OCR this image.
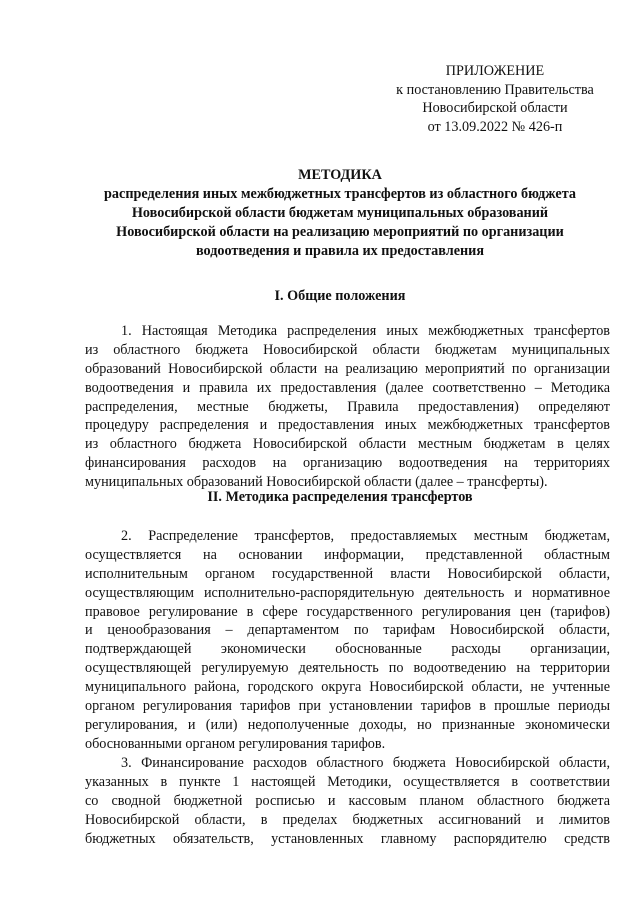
ПРИЛОЖЕНИЕ
к постановлению Правительства
Новосибирской области
от 13.09.2022 № 426-п
МЕТОДИКА
распределения иных межбюджетных трансфертов из областного бюджета
Новосибирской области бюджетам муниципальных образований
Новосибирской области на реализацию мероприятий по организации
водоотведения и правила их предоставления
I. Общие положения
1. Настоящая Методика распределения иных межбюджетных трансфертов
из областного бюджета Новосибирской области бюджетам муниципальных
образований Новосибирской области на реализацию мероприятий по организации
водоотведения и правила их предоставления (далее соответственно – Методика
распределения, местные бюджеты, Правила предоставления) определяют
процедуру распределения и предоставления иных межбюджетных трансфертов
из областного бюджета Новосибирской области местным бюджетам в целях
финансирования расходов на организацию водоотведения на территориях
муниципальных образований Новосибирской области (далее – трансферты).
II. Методика распределения трансфертов
2. Распределение трансфертов, предоставляемых местным бюджетам,
осуществляется на основании информации, представленной областным
исполнительным органом государственной власти Новосибирской области,
осуществляющим исполнительно-распорядительную деятельность и нормативное
правовое регулирование в сфере государственного регулирования цен (тарифов)
и ценообразования – департаментом по тарифам Новосибирской области,
подтверждающей экономически обоснованные расходы организации,
осуществляющей регулируемую деятельность по водоотведению на территории
муниципального района, городского округа Новосибирской области, не учтенные
органом регулирования тарифов при установлении тарифов в прошлые периоды
регулирования, и (или) недополученные доходы, но признанные экономически
обоснованными органом регулирования тарифов.
3. Финансирование расходов областного бюджета Новосибирской области,
указанных в пункте 1 настоящей Методики, осуществляется в соответствии
со сводной бюджетной росписью и кассовым планом областного бюджета
Новосибирской области, в пределах бюджетных ассигнований и лимитов
бюджетных обязательств, установленных главному распорядителю средств
